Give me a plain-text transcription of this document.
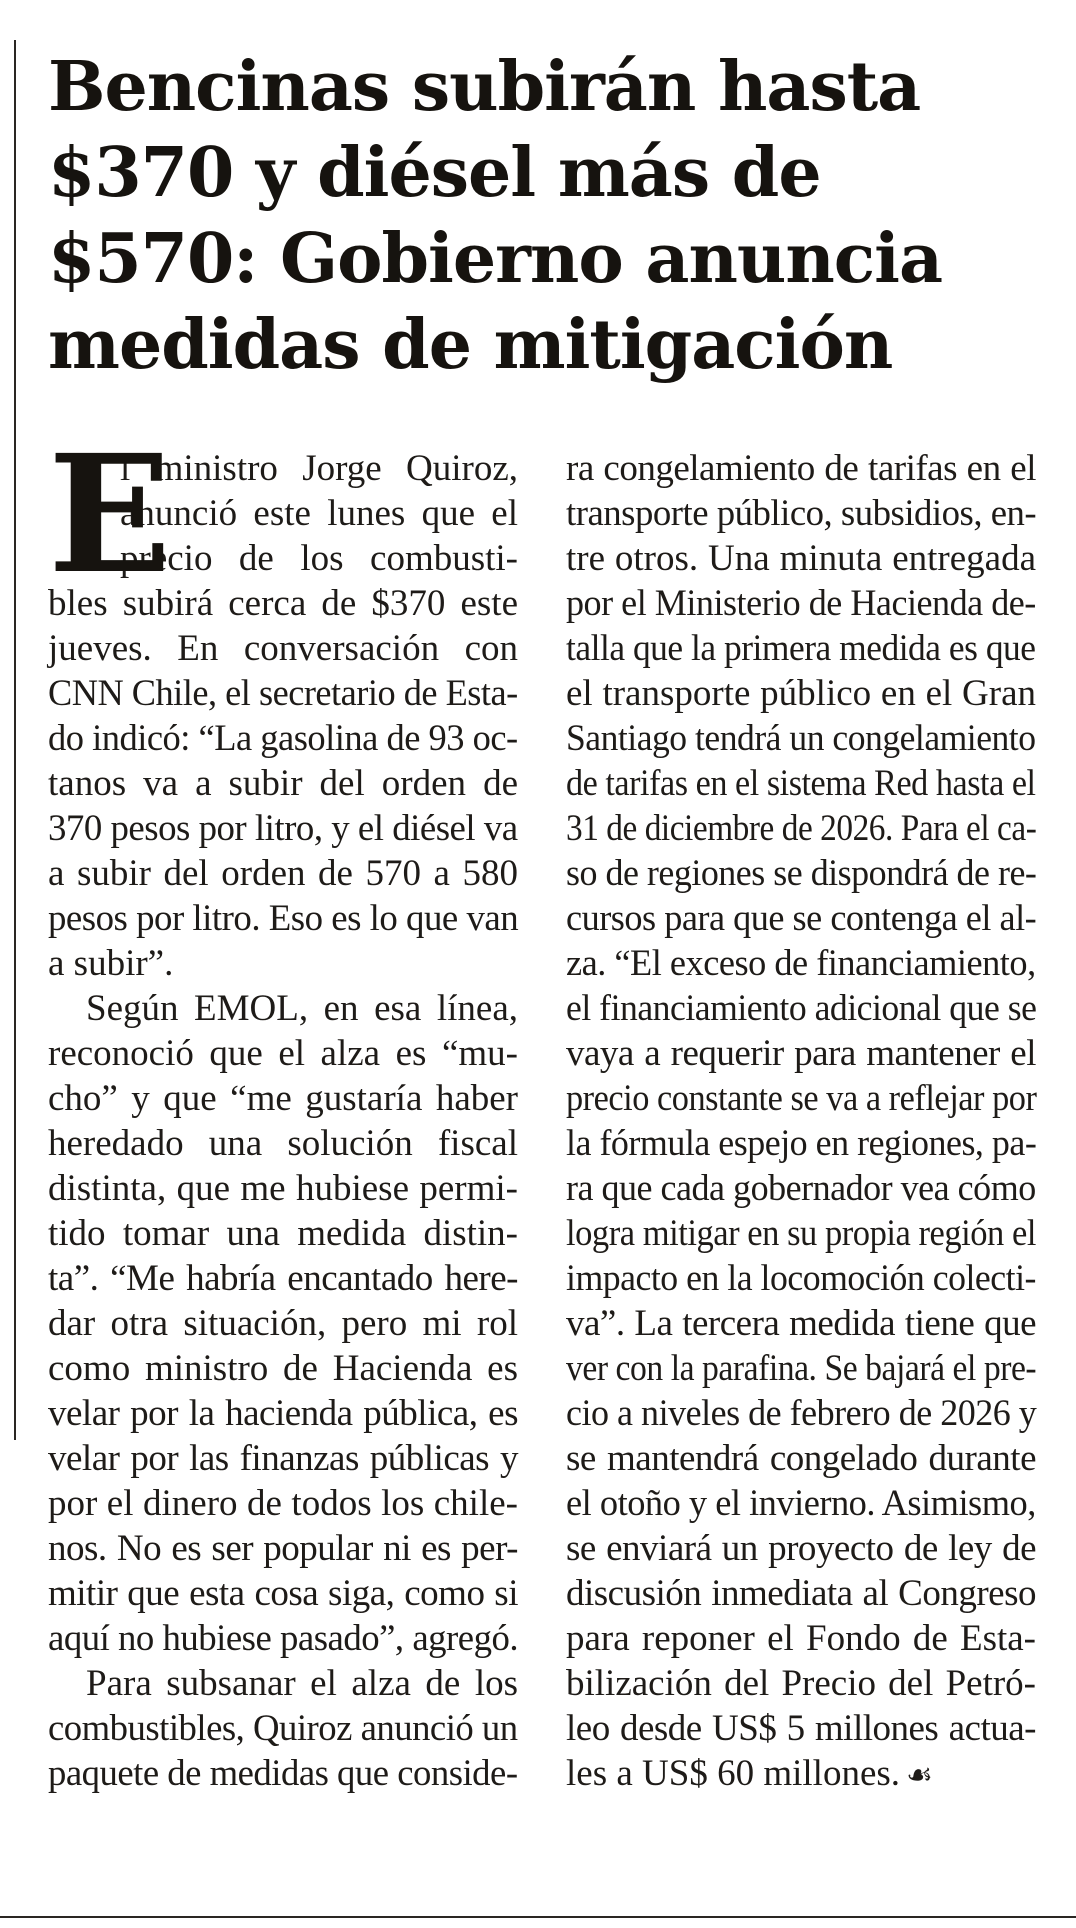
Bencinas subirán hasta
$370 y diésel más de
$570: Gobierno anuncia
medidas de mitigación
E
l ministro Jorge Quiroz,
anunció este lunes que el
precio de los combusti-
bles subirá cerca de $370 este
jueves. En conversación con
CNN Chile, el secretario de Esta-
do indicó: “La gasolina de 93 oc-
tanos va a subir del orden de
370 pesos por litro, y el diésel va
a subir del orden de 570 a 580
pesos por litro. Eso es lo que van
a subir”.
Según EMOL, en esa línea,
reconoció que el alza es “mu-
cho” y que “me gustaría haber
heredado una solución fiscal
distinta, que me hubiese permi-
tido tomar una medida distin-
ta”. “Me habría encantado here-
dar otra situación, pero mi rol
como ministro de Hacienda es
velar por la hacienda pública, es
velar por las finanzas públicas y
por el dinero de todos los chile-
nos. No es ser popular ni es per-
mitir que esta cosa siga, como si
aquí no hubiese pasado”, agregó.
Para subsanar el alza de los
combustibles, Quiroz anunció un
paquete de medidas que conside-
ra congelamiento de tarifas en el
transporte público, subsidios, en-
tre otros. Una minuta entregada
por el Ministerio de Hacienda de-
talla que la primera medida es que
el transporte público en el Gran
Santiago tendrá un congelamiento
de tarifas en el sistema Red hasta el
31 de diciembre de 2026. Para el ca-
so de regiones se dispondrá de re-
cursos para que se contenga el al-
za. “El exceso de financiamiento,
el financiamiento adicional que se
vaya a requerir para mantener el
precio constante se va a reflejar por
la fórmula espejo en regiones, pa-
ra que cada gobernador vea cómo
logra mitigar en su propia región el
impacto en la locomoción colecti-
va”. La tercera medida tiene que
ver con la parafina. Se bajará el pre-
cio a niveles de febrero de 2026 y
se mantendrá congelado durante
el otoño y el invierno. Asimismo,
se enviará un proyecto de ley de
discusión inmediata al Congreso
para reponer el Fondo de Esta-
bilización del Precio del Petró-
leo desde US$ 5 millones actua-
les a US$ 60 millones. ☙
